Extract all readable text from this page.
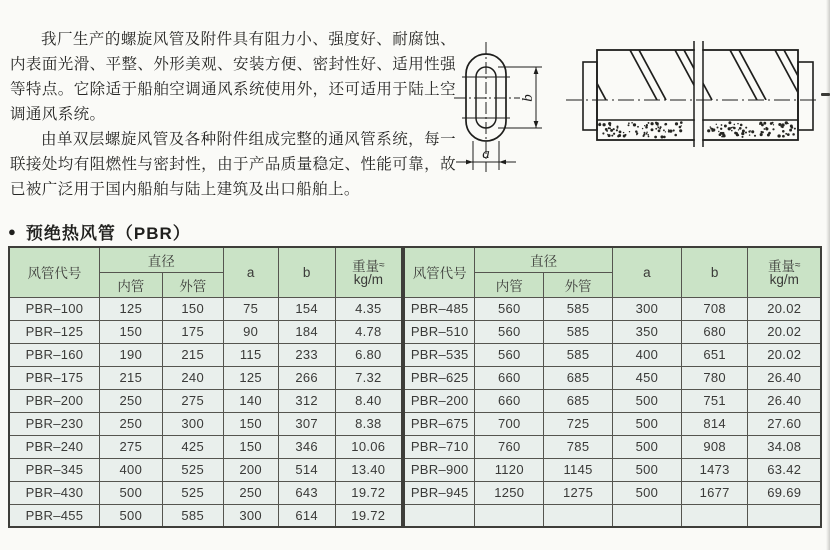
我厂生产的螺旋风管及附件具有阻力小、强度好、耐腐蚀、内表面光滑、平整、外形美观、安装方便、密封性好、适用性强等特点。它除适于船舶空调通风系统使用外，还可适用于陆上空调通风系统。

由单双层螺旋风管及各种附件组成完整的通风管系统，每一联接处均有阻燃性与密封性，由于产品质量稳定、性能可靠，故已被广泛用于国内船舶与陆上建筑及出口船舶上。

b
a
● 预绝热风管（PBR）
风管代号	直径		a	b	重量≈
kg/m
	内管	外管			
PBR–100	125	150	75	154	4.35
PBR–125	150	175	90	184	4.78
PBR–160	190	215	115	233	6.80
PBR–175	215	240	125	266	7.32
PBR–200	250	275	140	312	8.40
PBR–230	250	300	150	307	8.38
PBR–240	275	425	150	346	10.06
PBR–345	400	525	200	514	13.40
PBR–430	500	525	250	643	19.72
PBR–455	500	585	300	614	19.72
风管代号	直径		a	b	重量≈
kg/m
	内管	外管			
PBR–485	560	585	300	708	20.02
PBR–510	560	585	350	680	20.02
PBR–535	560	585	400	651	20.02
PBR–625	660	685	450	780	26.40
PBR–200	660	685	500	751	26.40
PBR–675	700	725	500	814	27.60
PBR–710	760	785	500	908	34.08
PBR–900	1120	1145	500	1473	63.42
PBR–945	1250	1275	500	1677	69.69
